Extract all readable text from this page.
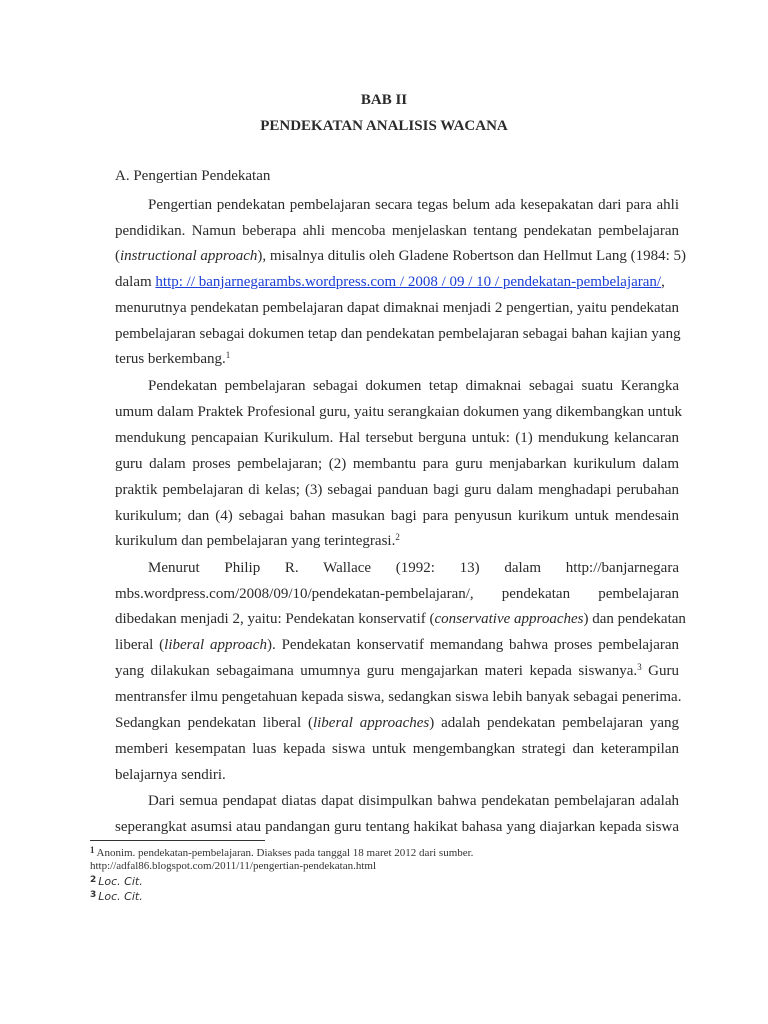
BAB II
PENDEKATAN ANALISIS WACANA
A. Pengertian Pendekatan
Pengertian pendekatan pembelajaran secara tegas belum ada kesepakatan dari para ahli
pendidikan. Namun beberapa ahli mencoba menjelaskan tentang pendekatan pembelajaran
(instructional approach), misalnya ditulis oleh Gladene Robertson dan Hellmut Lang (1984: 5)
dalam http: // banjarnegarambs.wordpress.com / 2008 / 09 / 10 / pendekatan-pembelajaran/,
menurutnya pendekatan pembelajaran dapat dimaknai menjadi 2 pengertian, yaitu pendekatan
pembelajaran sebagai dokumen tetap dan pendekatan pembelajaran sebagai bahan kajian yang
terus berkembang.$^1$
Pendekatan pembelajaran sebagai dokumen tetap dimaknai sebagai suatu Kerangka
umum dalam Praktek Profesional guru, yaitu serangkaian dokumen yang dikembangkan untuk
mendukung pencapaian Kurikulum. Hal tersebut berguna untuk: (1) mendukung kelancaran
guru dalam proses pembelajaran; (2) membantu para guru menjabarkan kurikulum dalam
praktik pembelajaran di kelas; (3) sebagai panduan bagi guru dalam menghadapi perubahan
kurikulum; dan (4) sebagai bahan masukan bagi para penyusun kurikum untuk mendesain
kurikulum dan pembelajaran yang terintegrasi.$^2$
Menurut Philip R. Wallace (1992: 13) dalam http://banjarnegara
mbs.wordpress.com/2008/09/10/pendekatan-pembelajaran/, pendekatan pembelajaran
dibedakan menjadi 2, yaitu: Pendekatan konservatif (conservative approaches) dan pendekatan
liberal (liberal approach). Pendekatan konservatif memandang bahwa proses pembelajaran
yang dilakukan sebagaimana umumnya guru mengajarkan materi kepada siswanya.$^3$ Guru
mentransfer ilmu pengetahuan kepada siswa, sedangkan siswa lebih banyak sebagai penerima.
Sedangkan pendekatan liberal (liberal approaches) adalah pendekatan pembelajaran yang
memberi kesempatan luas kepada siswa untuk mengembangkan strategi dan keterampilan
belajarnya sendiri.
Dari semua pendapat diatas dapat disimpulkan bahwa pendekatan pembelajaran adalah
seperangkat asumsi atau pandangan guru tentang hakikat bahasa yang diajarkan kepada siswa
$^1$ Anonim. pendekatan-pembelajaran. Diakses pada tanggal 18 maret 2012 dari sumber.
http://adfal86.blogspot.com/2011/11/pengertian-pendekatan.html
$^2$ Loc. Cit.
$^3$ Loc. Cit.
